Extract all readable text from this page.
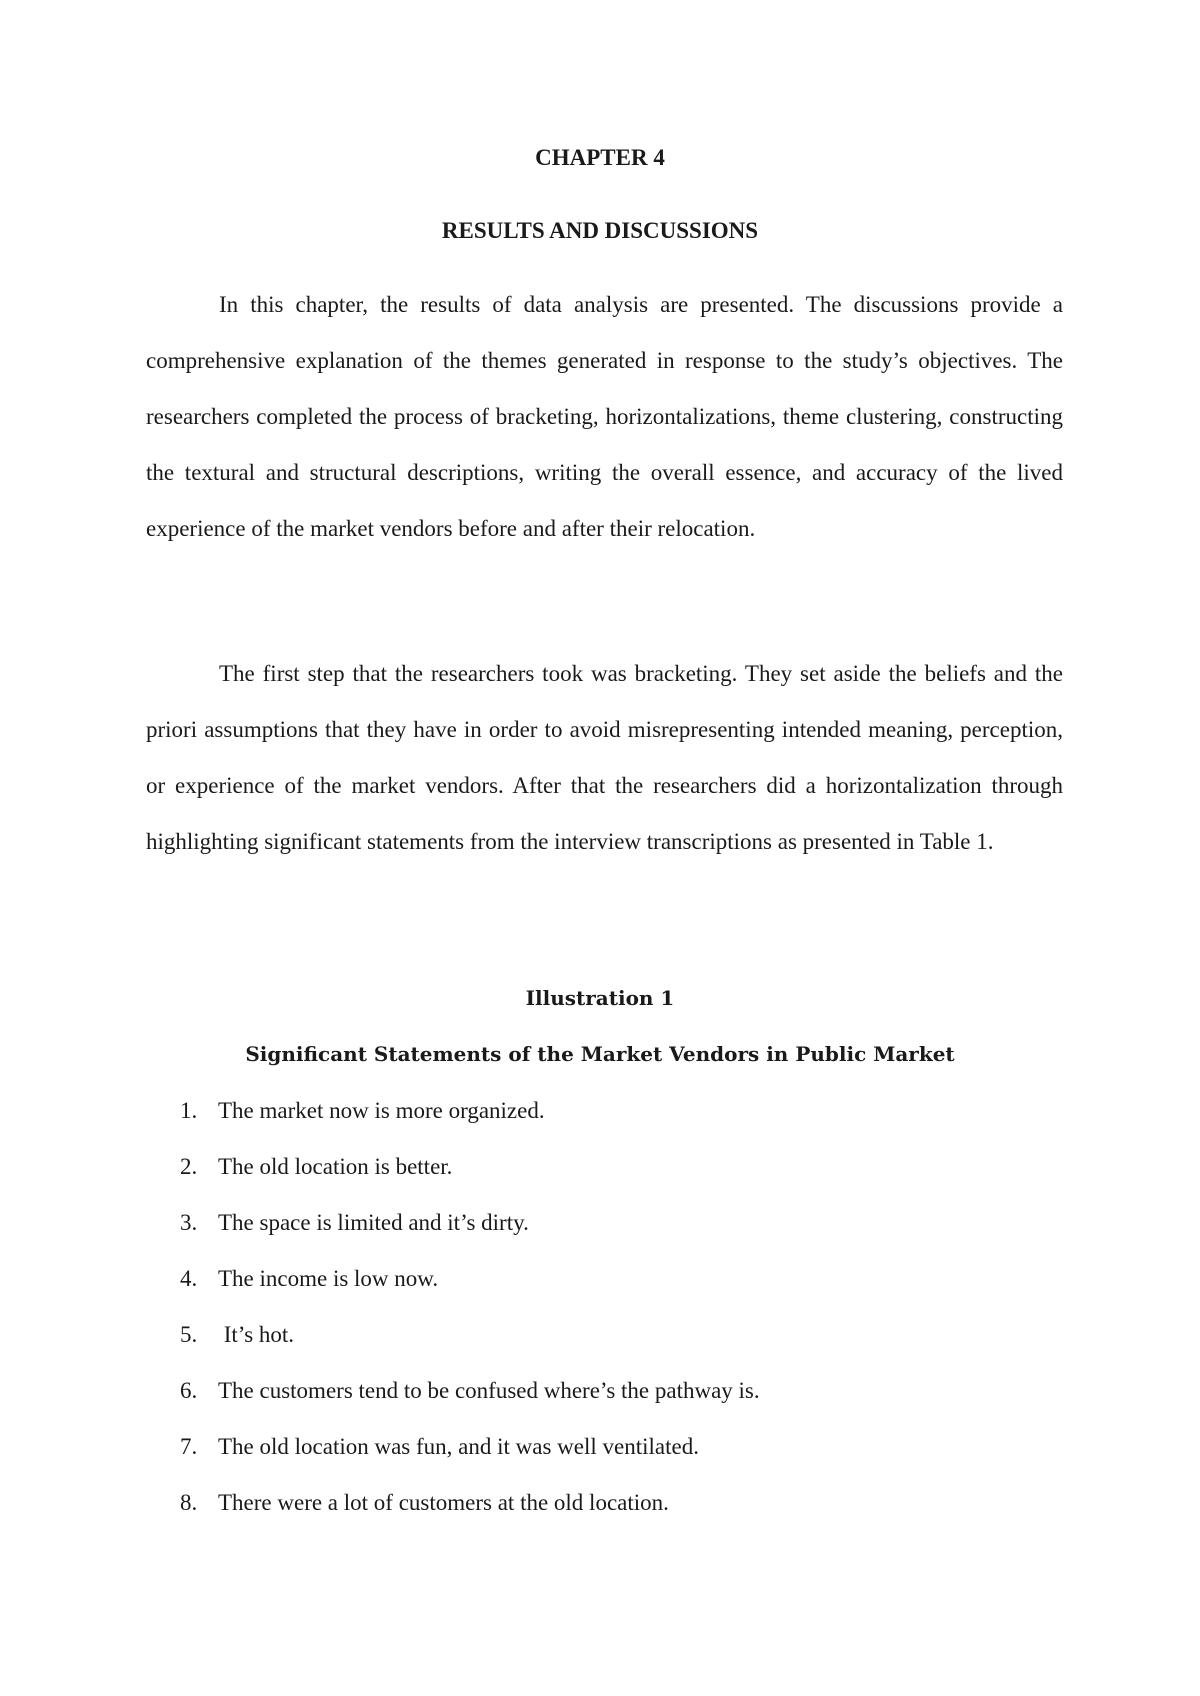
CHAPTER 4
RESULTS AND DISCUSSIONS

In this chapter, the results of data analysis are presented. The discussions provide a comprehensive explanation of the themes generated in response to the study’s objectives. The researchers completed the process of bracketing, horizontalizations, theme clustering, constructing the textural and structural descriptions, writing the overall essence, and accuracy of the lived experience of the market vendors before and after their relocation.

The first step that the researchers took was bracketing. They set aside the beliefs and the priori assumptions that they have in order to avoid misrepresenting intended meaning, perception, or experience of the market vendors. After that the researchers did a horizontalization through highlighting significant statements from the interview transcriptions as presented in Table 1.

Illustration 1
Significant Statements of the Market Vendors in Public Market
1. The market now is more organized.
2. The old location is better.
3. The space is limited and it’s dirty.
4. The income is low now.
5. It’s hot.
6. The customers tend to be confused where’s the pathway is.
7. The old location was fun, and it was well ventilated.
8. There were a lot of customers at the old location.
